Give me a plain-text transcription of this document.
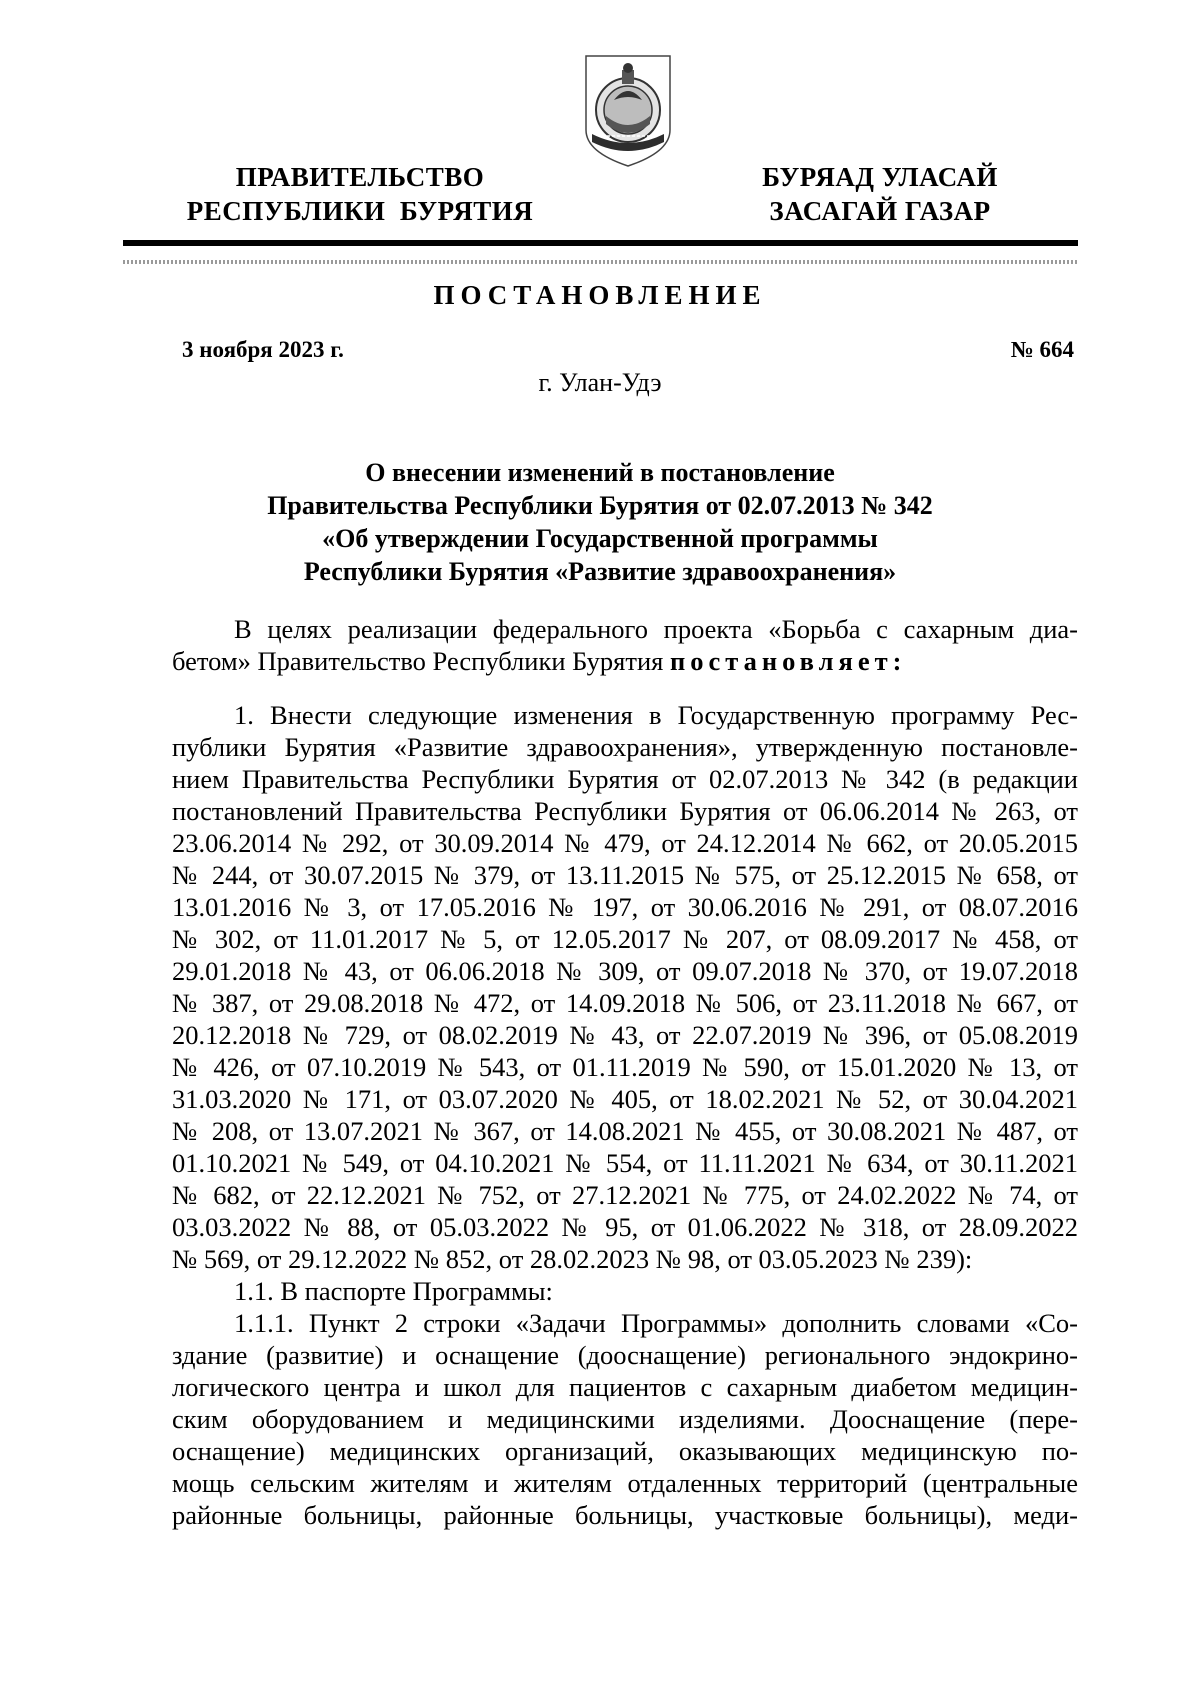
ПРАВИТЕЛЬСТВО
РЕСПУБЛИКИ  БУРЯТИЯ
БУРЯАД УЛАСАЙ
ЗАСАГАЙ ГАЗАР
ПОСТАНОВЛЕНИЕ
3 ноября 2023 г.	№ 664
г. Улан-Удэ
О внесении изменений в постановление
Правительства Республики Бурятия от 02.07.2013 № 342
«Об утверждении Государственной программы
Республики Бурятия «Развитие здравоохранения»
В целях реализации федерального проекта «Борьба с сахарным диа-
бетом» Правительство Республики Бурятия постановляет:
1. Внести следующие изменения в Государственную программу Рес-
публики Бурятия «Развитие здравоохранения», утвержденную постановле-
нием Правительства Республики Бурятия от 02.07.2013 № 342 (в редакции
постановлений Правительства Республики Бурятия от 06.06.2014 № 263, от
23.06.2014 № 292, от 30.09.2014 № 479, от 24.12.2014 № 662, от 20.05.2015
№ 244, от 30.07.2015 № 379, от 13.11.2015 № 575, от 25.12.2015 № 658, от
13.01.2016 № 3, от 17.05.2016 № 197, от 30.06.2016 № 291, от 08.07.2016
№ 302, от 11.01.2017 № 5, от 12.05.2017 № 207, от 08.09.2017 № 458, от
29.01.2018 № 43, от 06.06.2018 № 309, от 09.07.2018 № 370, от 19.07.2018
№ 387, от 29.08.2018 № 472, от 14.09.2018 № 506, от 23.11.2018 № 667, от
20.12.2018 № 729, от 08.02.2019 № 43, от 22.07.2019 № 396, от 05.08.2019
№ 426, от 07.10.2019 № 543, от 01.11.2019 № 590, от 15.01.2020 № 13, от
31.03.2020 № 171, от 03.07.2020 № 405, от 18.02.2021 № 52, от 30.04.2021
№ 208, от 13.07.2021 № 367, от 14.08.2021 № 455, от 30.08.2021 № 487, от
01.10.2021 № 549, от 04.10.2021 № 554, от 11.11.2021 № 634, от 30.11.2021
№ 682, от 22.12.2021 № 752, от 27.12.2021 № 775, от 24.02.2022 № 74, от
03.03.2022 № 88, от 05.03.2022 № 95, от 01.06.2022 № 318, от 28.09.2022
№ 569, от 29.12.2022 № 852, от 28.02.2023 № 98, от 03.05.2023 № 239):
1.1. В паспорте Программы:
1.1.1. Пункт 2 строки «Задачи Программы» дополнить словами «Со-
здание (развитие) и оснащение (дооснащение) регионального эндокрино-
логического центра и школ для пациентов с сахарным диабетом медицин-
ским оборудованием и медицинскими изделиями. Дооснащение (пере-
оснащение) медицинских организаций, оказывающих медицинскую по-
мощь сельским жителям и жителям отдаленных территорий (центральные
районные больницы, районные больницы, участковые больницы), меди-
